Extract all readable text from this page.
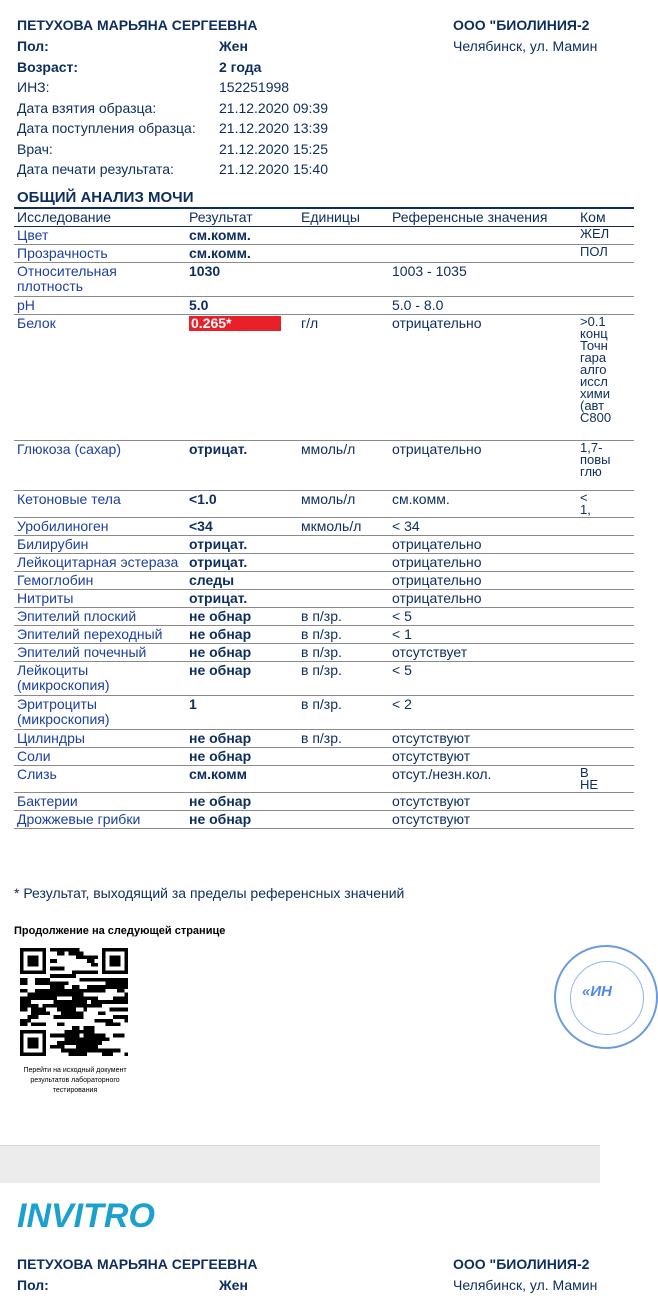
ПЕТУХОВА МАРЬЯНА СЕРГЕЕВНА	ООО "БИОЛИНИЯ-2
Челябинск, ул. Мамин
Пол:	Жен
Возраст:	2 года
ИНЗ:	152251998
Дата взятия образца:	21.12.2020 09:39
Дата поступления образца: 21.12.2020 13:39
Врач:	21.12.2020 15:25
Дата печати результата:	21.12.2020 15:40
ОБЩИЙ АНАЛИЗ МОЧИ
Исследование	Результат	Единицы	Референсные значения	Ком
Цвет	см.комм.			ЖЕЛ
Прозрачность	см.комм.			ПОЛ
Относительная плотность	1030		1003 - 1035	
pH	5.0		5.0 - 8.0	
Белок	0.265*	г/л	отрицательно	>0.1 конц Точн гара алго иссл хими (авт С800
Глюкоза (сахар)	отрицат.	ммоль/л	отрицательно	1,7- повы глю
Кетоновые тела	<1.0	ммоль/л	см.комм.	< 1,
Уробилиноген	<34	мкмоль/л	< 34	
Билирубин	отрицат.		отрицательно	
Лейкоцитарная эстераза	отрицат.		отрицательно	
Гемоглобин	следы		отрицательно	
Нитриты	отрицат.		отрицательно	
Эпителий плоский	не обнар	в п/зр.	< 5	
Эпителий переходный	не обнар	в п/зр.	< 1	
Эпителий почечный	не обнар	в п/зр.	отсутствует	
Лейкоциты (микроскопия)	не обнар	в п/зр.	< 5	
Эритроциты (микроскопия)	1	в п/зр.	< 2	
Цилиндры	не обнар	в п/зр.	отсутствуют	
Соли	не обнар		отсутствуют	
Слизь	см.комм		отсут./незн.кол.	В НЕ
Бактерии	не обнар		отсутствуют	
Дрожжевые грибки	не обнар		отсутствуют	
* Результат, выходящий за пределы референсных значений
Продолжение на следующей странице
Перейти на исходный документ результатов лабораторного тестирования
«ИН
INVITRO
ПЕТУХОВА МАРЬЯНА СЕРГЕЕВНА
Пол:	Жен
ООО "БИОЛИНИЯ-2
Челябинск, ул. Мамин
